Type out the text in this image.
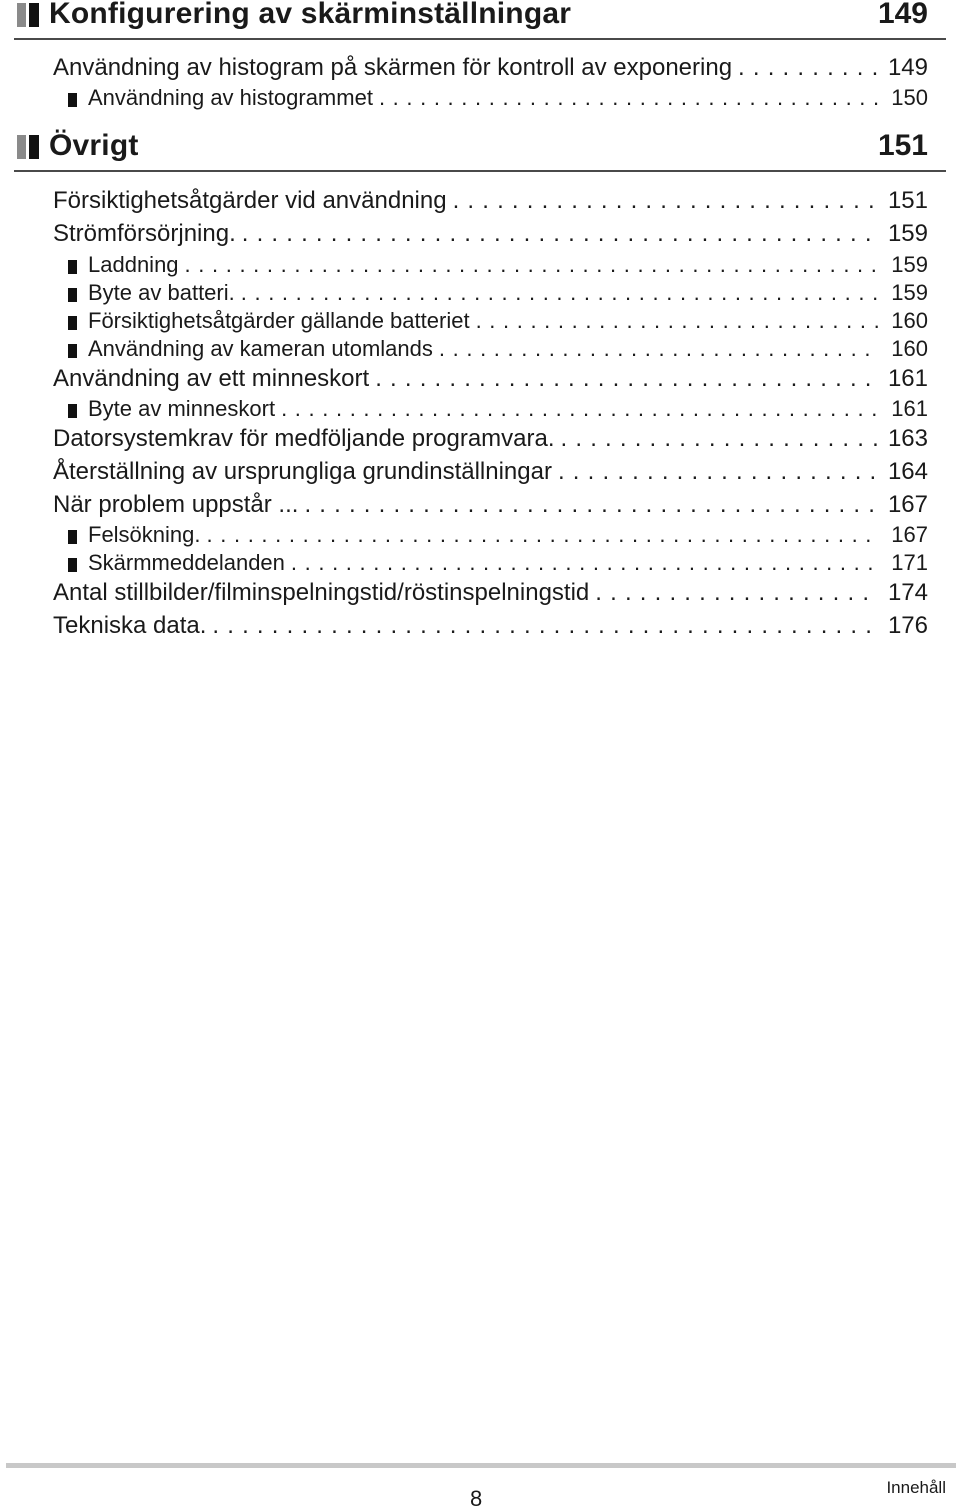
Konfigurering av skärminställningar	149
Användning av histogram på skärmen för kontroll av exponering . . .	149
Användning av histogrammet . . .	150
Övrigt	151
Försiktighetsåtgärder vid användning . . .	151
Strömförsörjning. . . .	159
Laddning . . .	159
Byte av batteri. . . .	159
Försiktighetsåtgärder gällande batteriet . . .	160
Användning av kameran utomlands . . .	160
Användning av ett minneskort . . .	161
Byte av minneskort . . .	161
Datorsystemkrav för medföljande programvara. . . .	163
Återställning av ursprungliga grundinställningar . . .	164
När problem uppstår ... . . .	167
Felsökning. . . .	167
Skärmmeddelanden . . .	171
Antal stillbilder/filminspelningstid/röstinspelningstid . . .	174
Tekniska data. . . .	176
8	Innehåll
